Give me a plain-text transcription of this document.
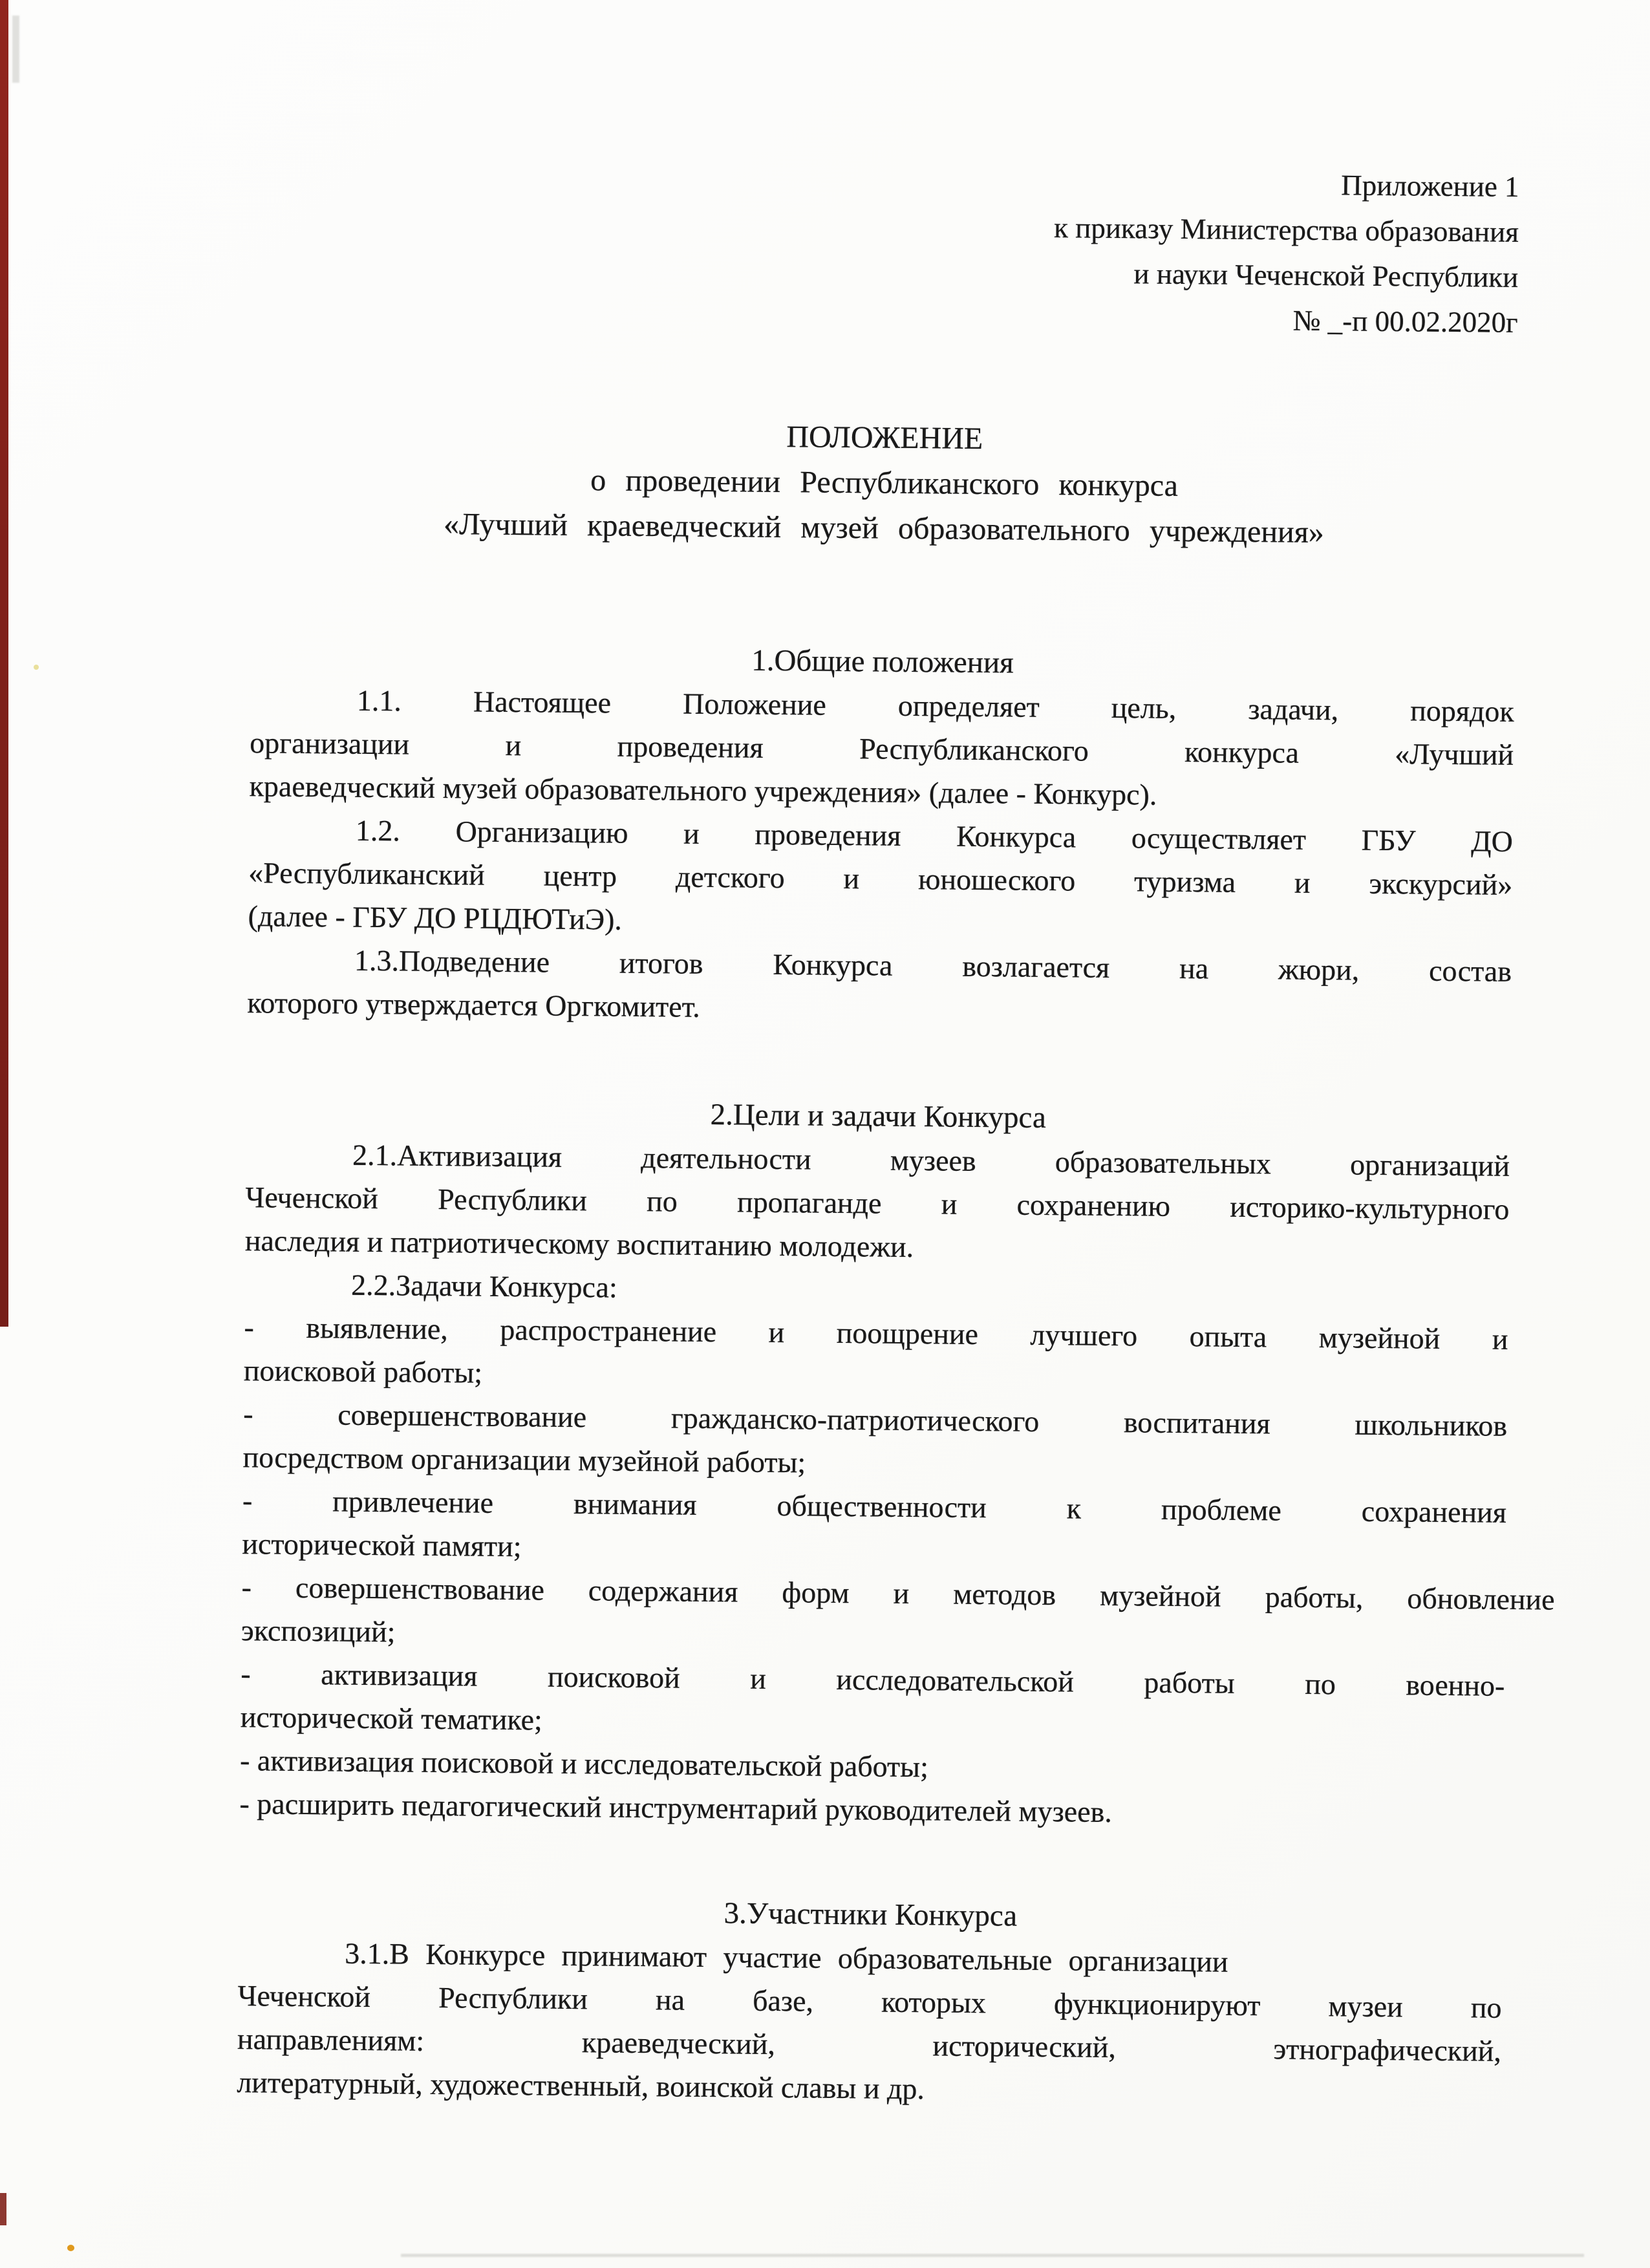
Приложение 1
к приказу Министерства образования
и науки Чеченской Республики
№ _-п 00.02.2020г
ПОЛОЖЕНИЕ
о проведении Республиканского конкурса
«Лучший краеведческий музей образовательного учреждения»
1.Общие положения
1.1. Настоящее Положение определяет цель, задачи, порядок
организации и проведения Республиканского конкурса «Лучший
краеведческий музей образовательного учреждения» (далее - Конкурс).
1.2. Организацию и проведения Конкурса осуществляет ГБУ ДО
«Республиканский центр детского и юношеского туризма и экскурсий»
(далее - ГБУ ДО РЦДЮТиЭ).
1.3.Подведение итогов Конкурса возлагается на жюри, состав
которого утверждается Оргкомитет.
2.Цели и задачи Конкурса
2.1.Активизация деятельности музеев образовательных организаций
Чеченской Республики по пропаганде и сохранению историко-культурного
наследия и патриотическому воспитанию молодежи.
2.2.Задачи Конкурса:
- выявление, распространение и поощрение лучшего опыта музейной и
поисковой работы;
- совершенствование гражданско-патриотического воспитания школьников
посредством организации музейной работы;
- привлечение внимания общественности к проблеме сохранения
исторической памяти;
- совершенствование содержания форм и методов музейной работы, обновление
экспозиций;
- активизация поисковой и исследовательской работы по военно-
исторической тематике;
- активизация поисковой и исследовательской работы;
- расширить педагогический инструментарий руководителей музеев.
3.Участники Конкурса
3.1.В Конкурсе принимают участие образовательные организации
Чеченской Республики на базе, которых функционируют музеи по
направлениям: краеведческий, исторический, этнографический,
литературный, художественный, воинской славы и др.
